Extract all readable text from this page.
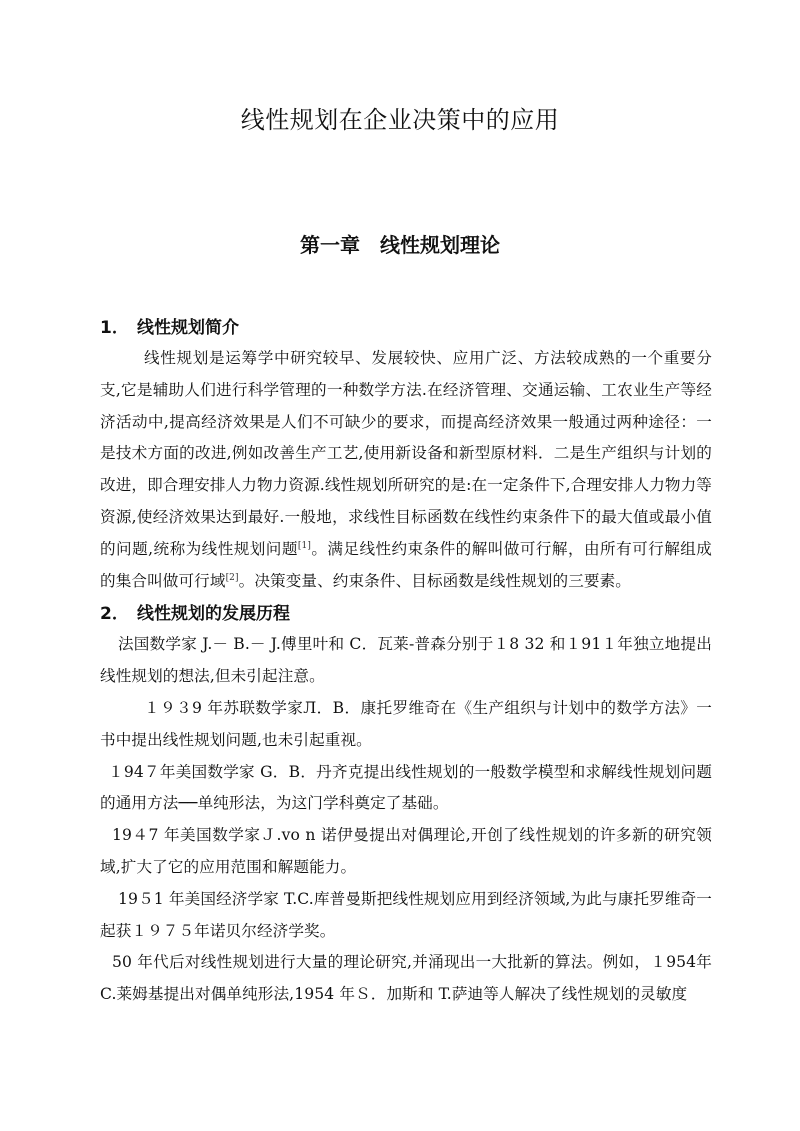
线性规划在企业决策中的应用
第一章　线性规划理论
1． 线性规划简介

线性规划是运筹学中研究较早、发展较快、应用广泛、方法较成熟的一个重要分支,它是辅助人们进行科学管理的一种数学方法.在经济管理、交通运输、工农业生产等经济活动中,提高经济效果是人们不可缺少的要求，而提高经济效果一般通过两种途径：一是技术方面的改进,例如改善生产工艺,使用新设备和新型原材料．二是生产组织与计划的改进，即合理安排人力物力资源.线性规划所研究的是:在一定条件下,合理安排人力物力等资源,使经济效果达到最好.一般地，求线性目标函数在线性约束条件下的最大值或最小值的问题,统称为线性规划问题[1]。满足线性约束条件的解叫做可行解，由所有可行解组成的集合叫做可行域[2]。决策变量、约束条件、目标函数是线性规划的三要素。

2． 线性规划的发展历程

法国数学家 J.－ B.－ J.傅里叶和 C．瓦莱-普森分别于１8 32 和１91１年独立地提出线性规划的想法,但未引起注意。

１９３9 年苏联数学家Л．В．康托罗维奇在《生产组织与计划中的数学方法》一书中提出线性规划问题,也未引起重视。

１94７年美国数学家 G．B．丹齐克提出线性规划的一般数学模型和求解线性规划问题的通用方法──单纯形法，为这门学科奠定了基础。

19４7 年美国数学家Ｊ.vo n 诺伊曼提出对偶理论,开创了线性规划的许多新的研究领域,扩大了它的应用范围和解题能力。

19５1 年美国经济学家 T.C.库普曼斯把线性规划应用到经济领域,为此与康托罗维奇一起获１９７５年诺贝尔经济学奖。

50 年代后对线性规划进行大量的理论研究,并涌现出一大批新的算法。例如，１954年 C.莱姆基提出对偶单纯形法,1954 年Ｓ．加斯和 T.萨迪等人解决了线性规划的灵敏度
